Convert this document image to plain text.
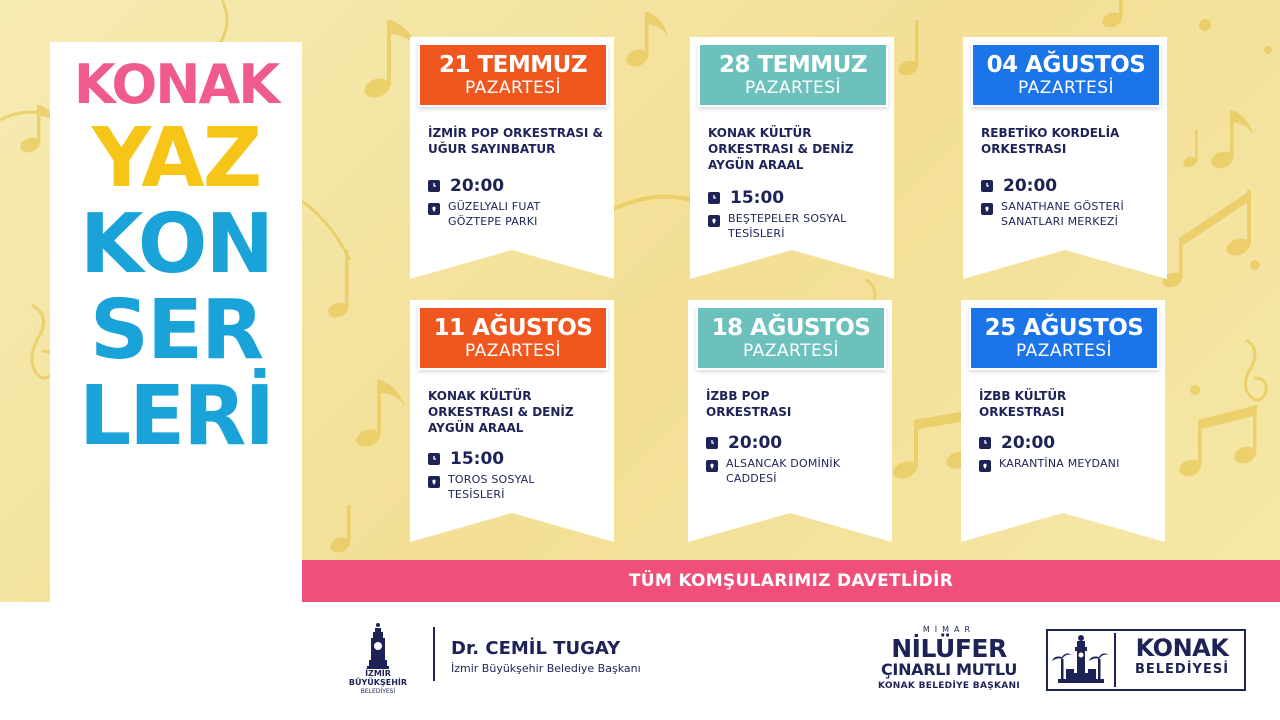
KONAK
YAZ
KON
SER
LERİ
21 TEMMUZ
PAZARTESİ
İZMİR POP ORKESTRASI & UĞUR SAYINBATUR
20:00
GÜZELYALI FUAT GÖZTEPE PARKI
28 TEMMUZ
PAZARTESİ
KONAK KÜLTÜR ORKESTRASI & DENİZ AYGÜN ARAAL
15:00
BEŞTEPELER SOSYAL TESİSLERİ
04 AĞUSTOS
PAZARTESİ
REBETİKO KORDELİA ORKESTRASI
20:00
SANATHANE GÖSTERİ SANATLARI MERKEZİ
11 AĞUSTOS
PAZARTESİ
KONAK KÜLTÜR ORKESTRASI & DENİZ AYGÜN ARAAL
15:00
TOROS SOSYAL TESİSLERİ
18 AĞUSTOS
PAZARTESİ
İZBB POP ORKESTRASI
20:00
ALSANCAK DOMİNİK CADDESİ
25 AĞUSTOS
PAZARTESİ
İZBB KÜLTÜR ORKESTRASI
20:00
KARANTİNA MEYDANI
TÜM KOMŞULARIMIZ DAVETLİDİR
İZMİR
BÜYÜKŞEHİR
BELEDİYESİ
Dr. CEMİL TUGAY
İzmir Büyükşehir Belediye Başkanı
MİMAR
NİLÜFER
ÇINARLI MUTLU
KONAK BELEDİYE BAŞKANI
KONAK
BELEDİYESİ
